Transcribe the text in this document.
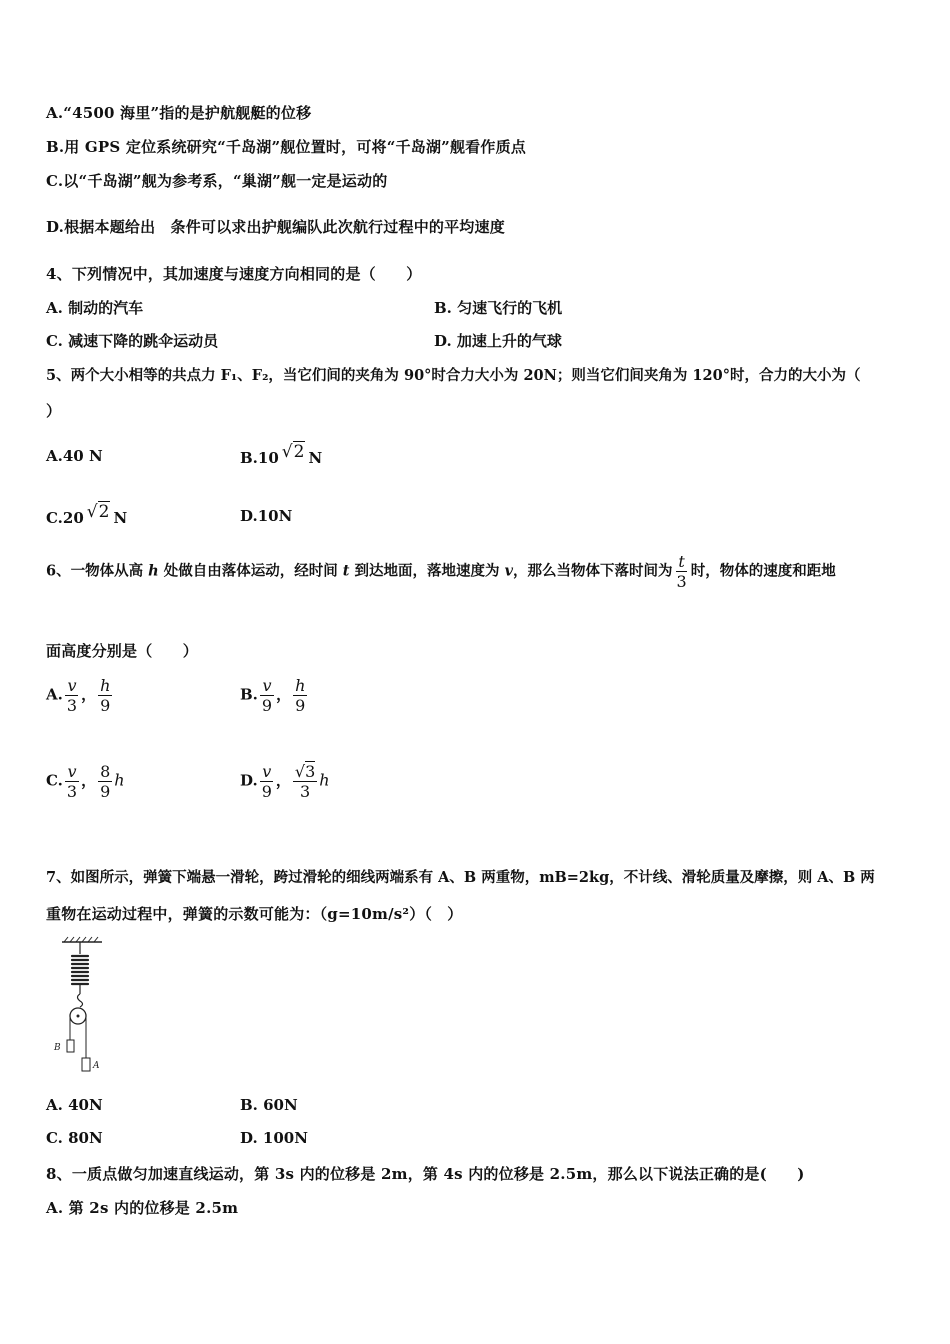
A.“4500 海里”指的是护航舰艇的位移
B.用 GPS 定位系统研究“千岛湖”舰位置时，可将“千岛湖”舰看作质点
C.以“千岛湖”舰为参考系，“巢湖”舰一定是运动的
D.根据本题给出　条件可以求出护舰编队此次航行过程中的平均速度
4、下列情况中，其加速度与速度方向相同的是（　　）
A. 制动的汽车	B. 匀速飞行的飞机
C. 减速下降的跳伞运动员	D. 加速上升的气球
5、两个大小相等的共点力 F₁、F₂，当它们间的夹角为 90°时合力大小为 20N；则当它们间夹角为 120°时，合力的大小为（
）
A.40 N	B.10 √2 N
C.20 √2 N	D.10N
6、一物体从高 h 处做自由落体运动，经时间 t 到达地面，落地速度为 v，那么当物体下落时间为 $\frac{t}{3}$ 时，物体的速度和距地
面高度分别是（　　）
A. $\frac{v}{3}$ ， $\frac{h}{9}$	B. $\frac{v}{9}$ ， $\frac{h}{9}$
C. $\frac{v}{3}$ ， $\frac{8}{9}$ h	D. $\frac{v}{9}$ ， $\frac{√3}{3}$ h
7、如图所示，弹簧下端悬一滑轮，跨过滑轮的细线两端系有 A、B 两重物，mB=2kg，不计线、滑轮质量及摩擦，则 A、B 两
重物在运动过程中，弹簧的示数可能为：（g=10m/s²）（　）
B
A
A. 40N	B. 60N
C. 80N	D. 100N
8、一质点做匀加速直线运动，第 3s 内的位移是 2m，第 4s 内的位移是 2.5m，那么以下说法正确的是(　　)
A. 第 2s 内的位移是 2.5m
